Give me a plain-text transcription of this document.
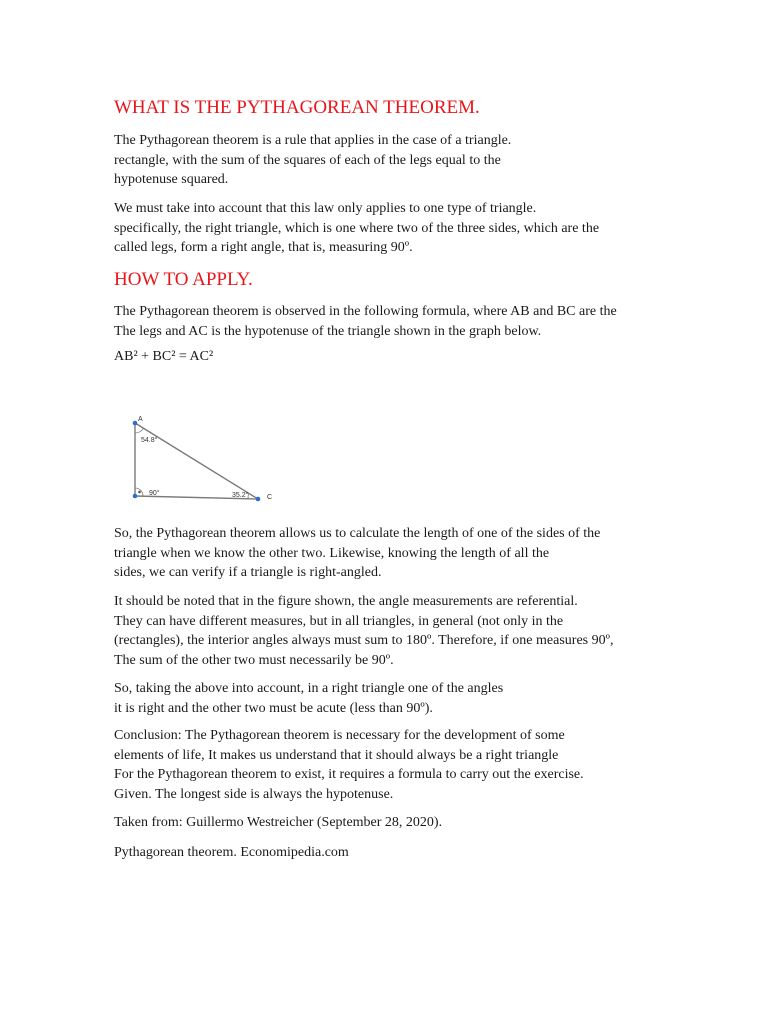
WHAT IS THE PYTHAGOREAN THEOREM.

The Pythagorean theorem is a rule that applies in the case of a triangle.
rectangle, with the sum of the squares of each of the legs equal to the
hypotenuse squared.

We must take into account that this law only applies to one type of triangle.
specifically, the right triangle, which is one where two of the three sides, which are the
called legs, form a right angle, that is, measuring 90º.

HOW TO APPLY.

The Pythagorean theorem is observed in the following formula, where AB and BC are the
The legs and AC is the hypotenuse of the triangle shown in the graph below.

AB² + BC² = AC²

A
C
54.8°
90°	35.2°

So, the Pythagorean theorem allows us to calculate the length of one of the sides of the
triangle when we know the other two. Likewise, knowing the length of all the
sides, we can verify if a triangle is right-angled.

It should be noted that in the figure shown, the angle measurements are referential.
They can have different measures, but in all triangles, in general (not only in the
(rectangles), the interior angles always must sum to 180º. Therefore, if one measures 90º,
The sum of the other two must necessarily be 90º.

So, taking the above into account, in a right triangle one of the angles
it is right and the other two must be acute (less than 90º).

Conclusion: The Pythagorean theorem is necessary for the development of some
elements of life, It makes us understand that it should always be a right triangle
For the Pythagorean theorem to exist, it requires a formula to carry out the exercise.
Given. The longest side is always the hypotenuse.

Taken from: Guillermo Westreicher (September 28, 2020).

Pythagorean theorem. Economipedia.com
